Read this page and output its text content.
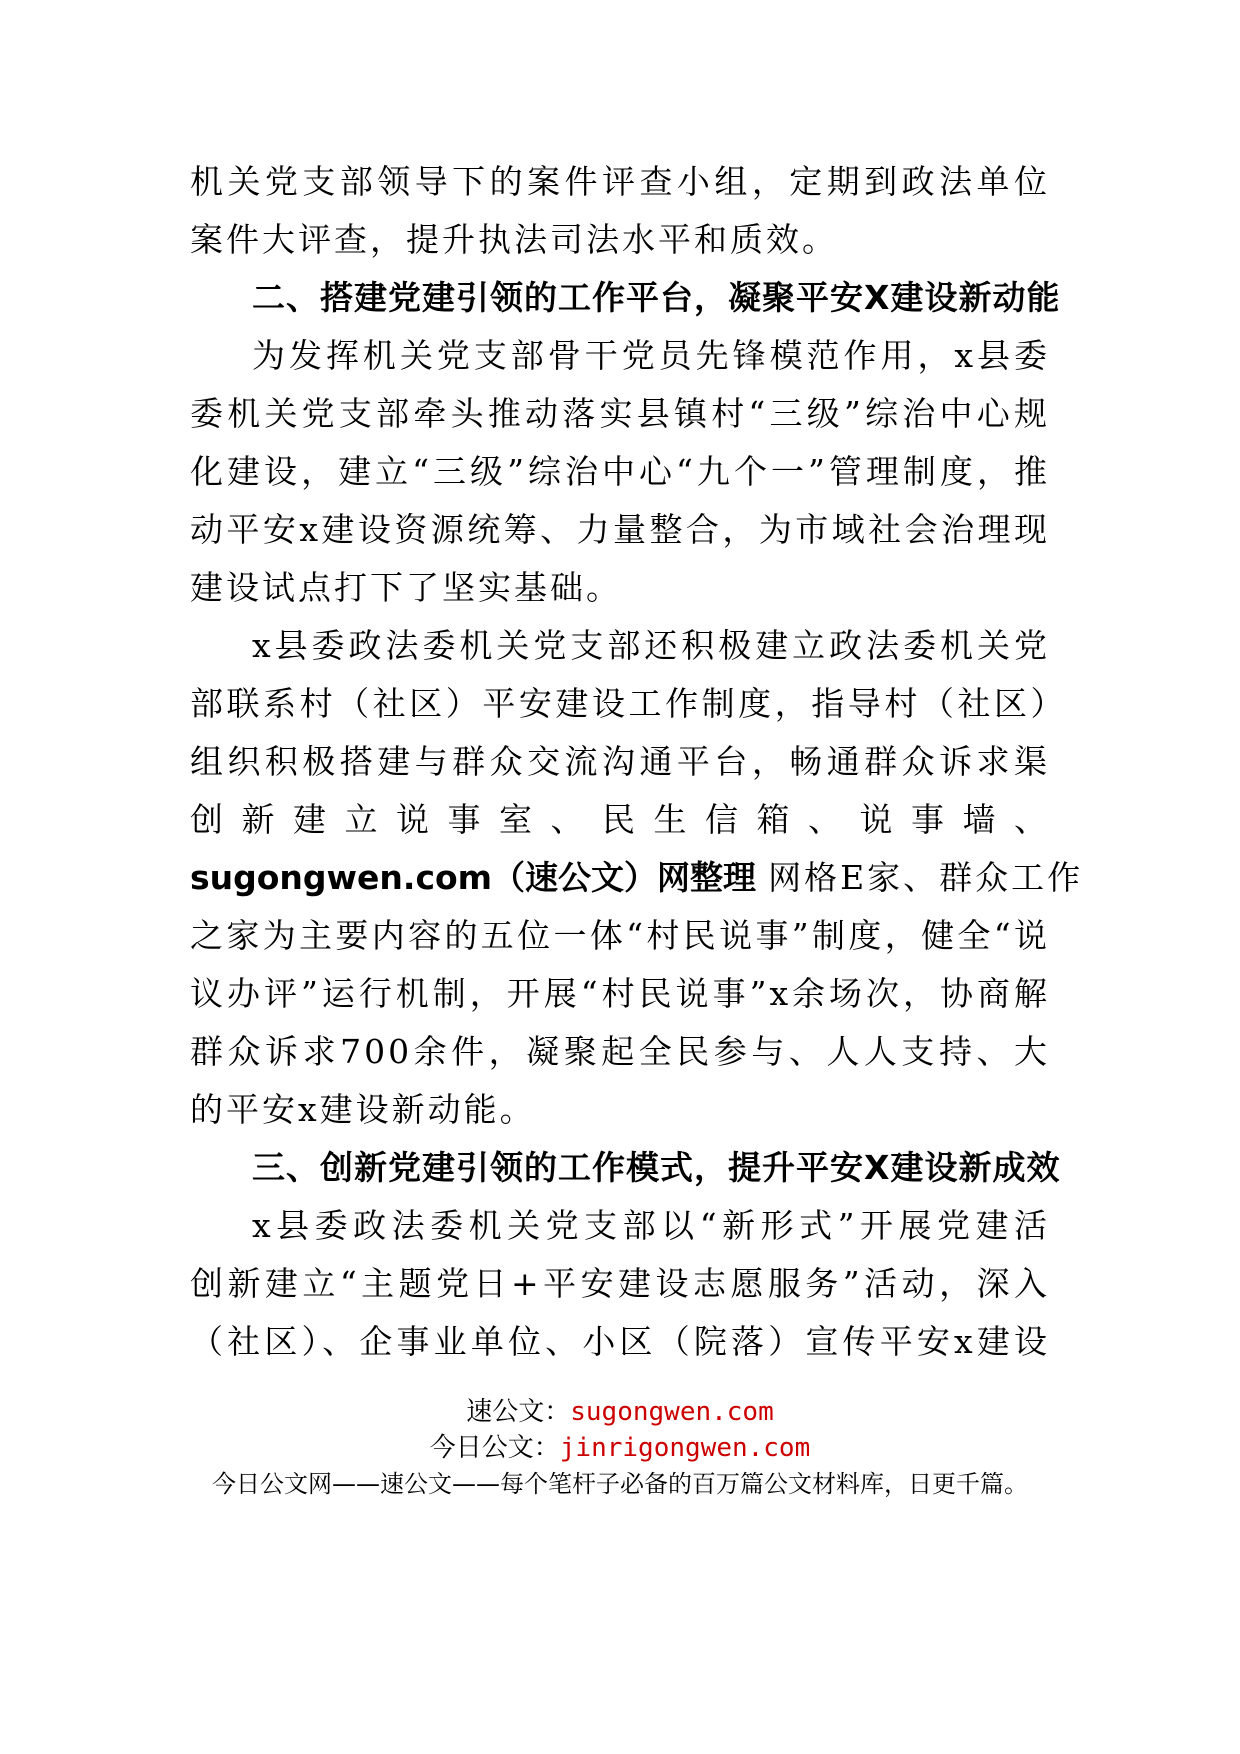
机关党支部领导下的案件评查小组，定期到政法单位
案件大评查，提升执法司法水平和质效。
二、搭建党建引领的工作平台，凝聚平安X建设新动能
为发挥机关党支部骨干党员先锋模范作用，x县委
委机关党支部牵头推动落实县镇村“三级”综治中心规
化建设，建立“三级”综治中心“九个一”管理制度，推
动平安x建设资源统筹、力量整合，为市域社会治理现
建设试点打下了坚实基础。
x县委政法委机关党支部还积极建立政法委机关党
部联系村（社区）平安建设工作制度，指导村（社区）
组织积极搭建与群众交流沟通平台，畅通群众诉求渠
创 新 建 立 说 事 室 、 民 生 信 箱 、 说 事 墙 、
sugongwen.com（速公文）网整理 网格E家、群众工作
之家为主要内容的五位一体“村民说事”制度，健全“说
议办评”运行机制，开展“村民说事”x余场次，协商解
群众诉求700余件，凝聚起全民参与、人人支持、大
的平安x建设新动能。
三、创新党建引领的工作模式，提升平安X建设新成效
x县委政法委机关党支部以“新形式”开展党建活
创新建立“主题党日+平安建设志愿服务”活动，深入
（社区）、企事业单位、小区（院落）宣传平安x建设
速公文：sugongwen.com
今日公文：jinrigongwen.com
今日公文网——速公文——每个笔杆子必备的百万篇公文材料库，日更千篇。
